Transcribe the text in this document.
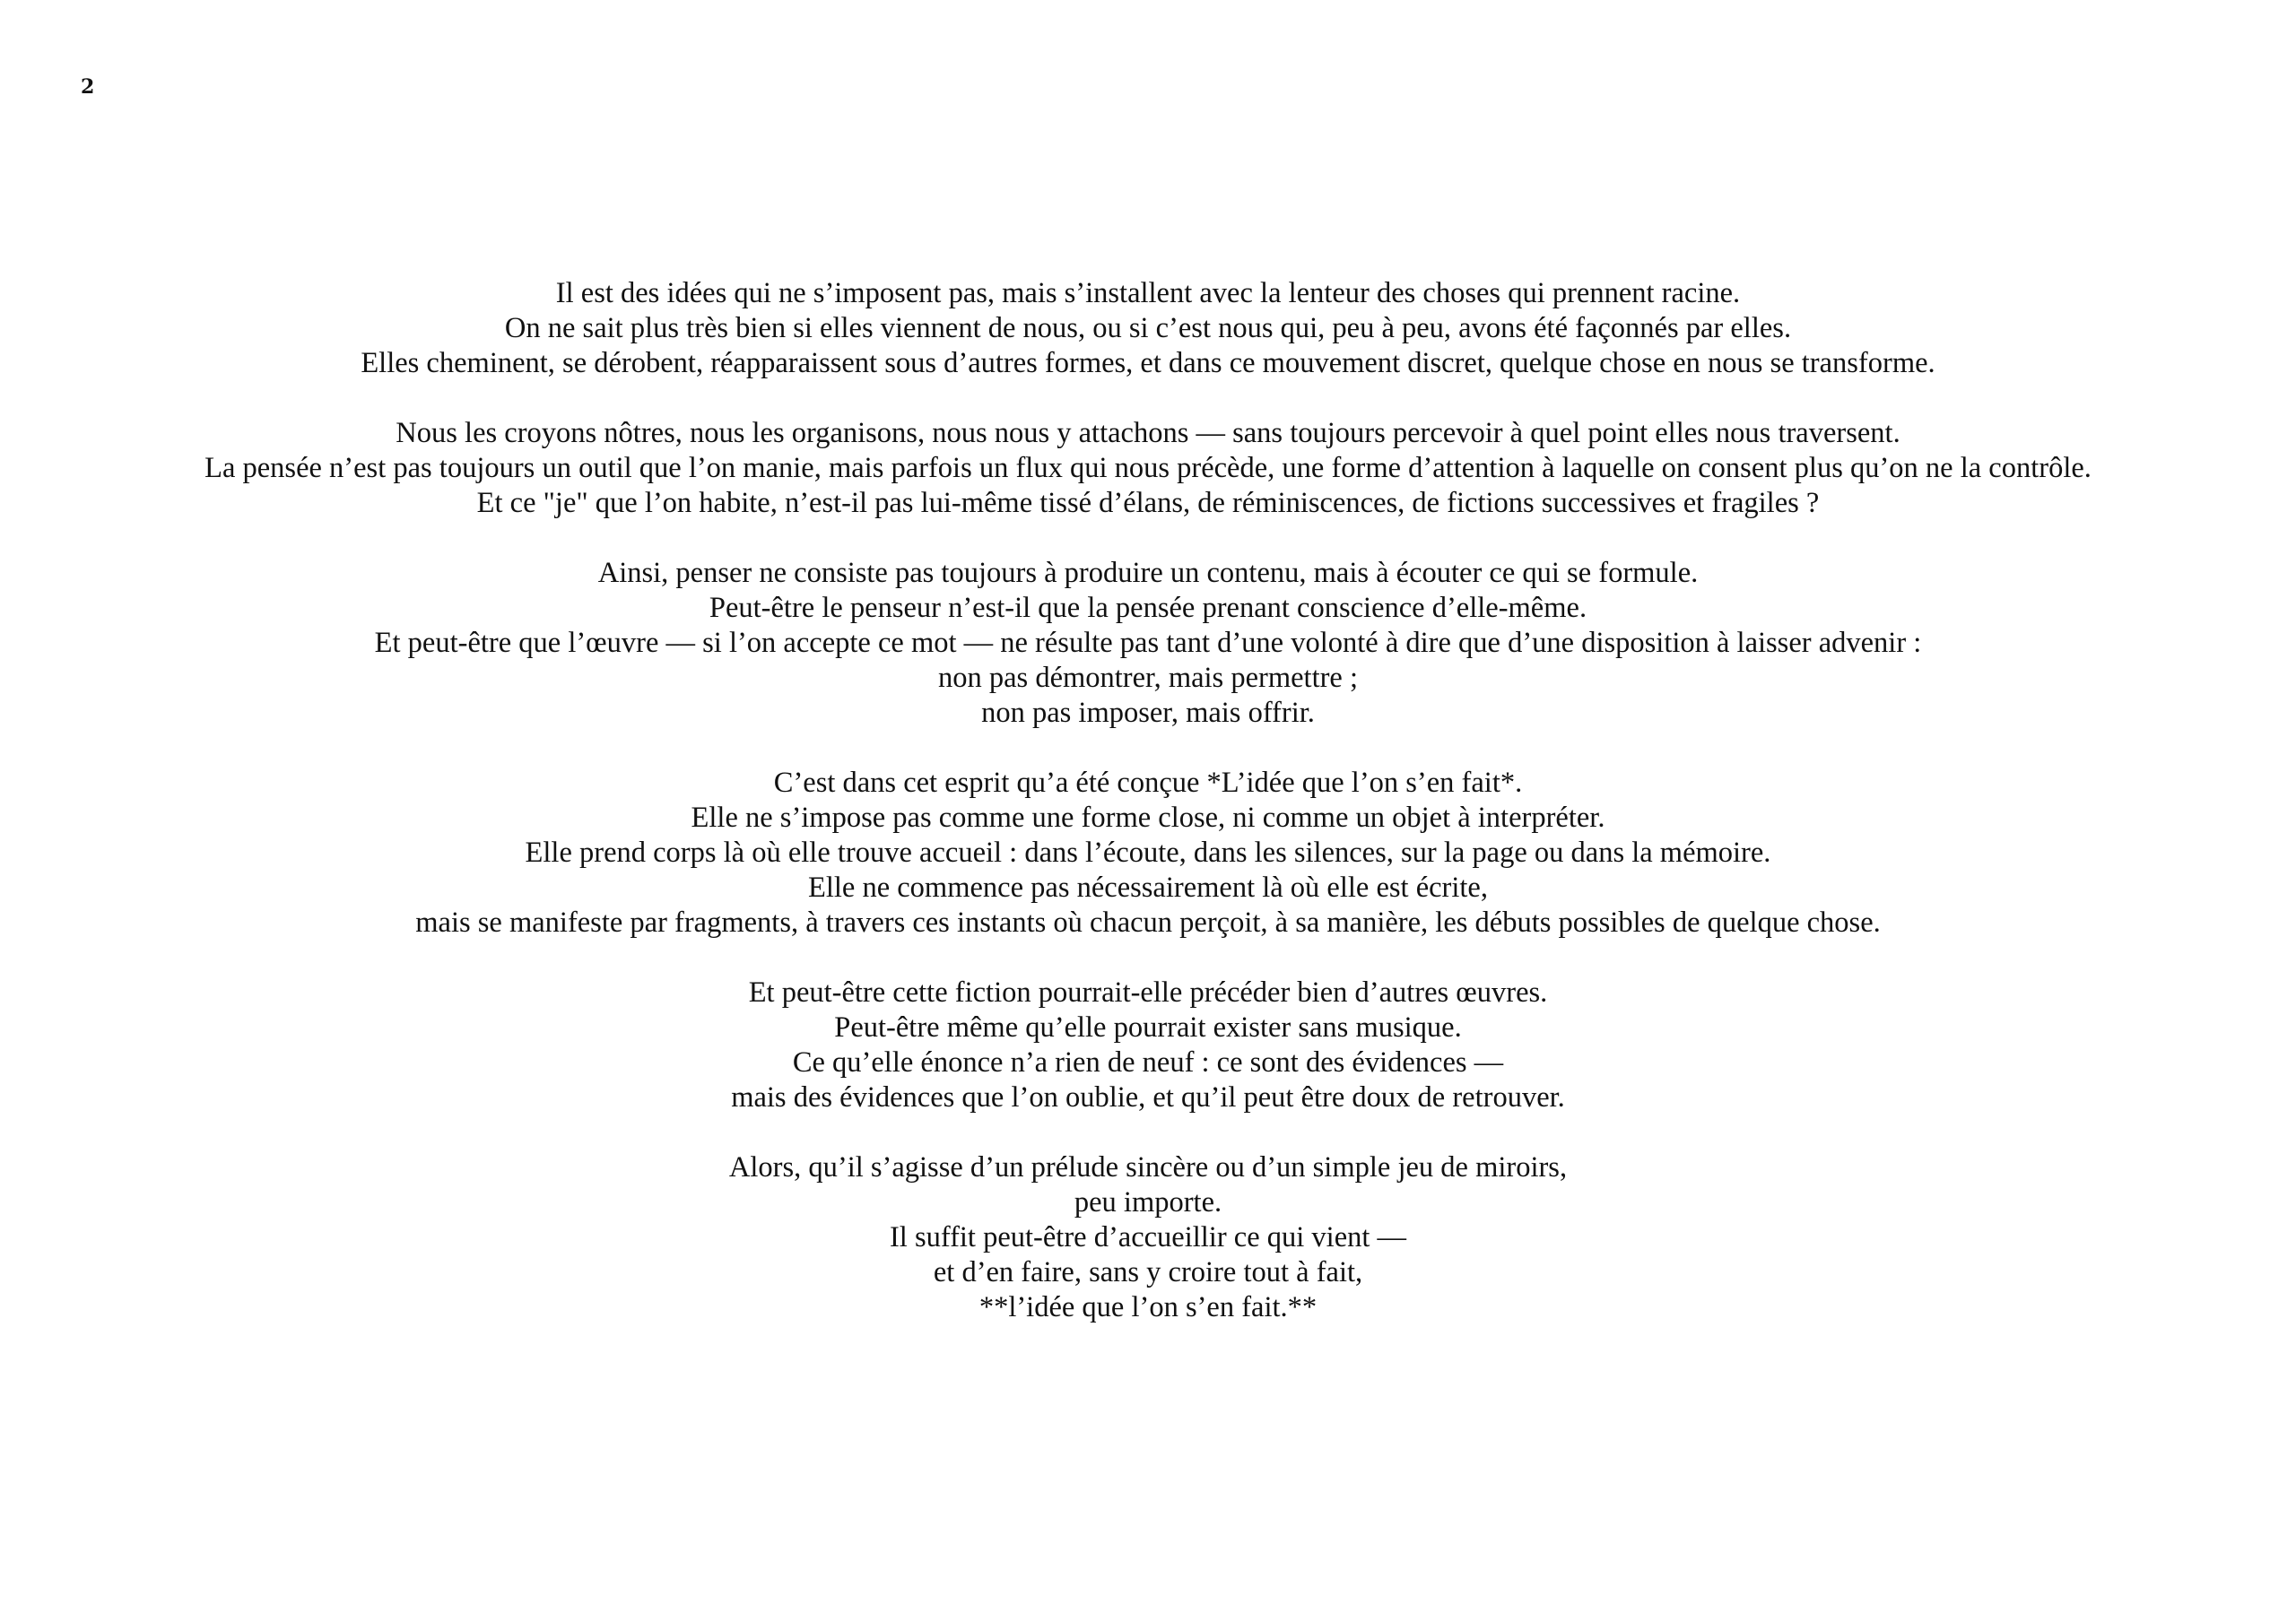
2
Il est des idées qui ne s’imposent pas, mais s’installent avec la lenteur des choses qui prennent racine.
On ne sait plus très bien si elles viennent de nous, ou si c’est nous qui, peu à peu, avons été façonnés par elles.
Elles cheminent, se dérobent, réapparaissent sous d’autres formes, et dans ce mouvement discret, quelque chose en nous se transforme.
Nous les croyons nôtres, nous les organisons, nous nous y attachons — sans toujours percevoir à quel point elles nous traversent.
La pensée n’est pas toujours un outil que l’on manie, mais parfois un flux qui nous précède, une forme d’attention à laquelle on consent plus qu’on ne la contrôle.
Et ce "je" que l’on habite, n’est-il pas lui-même tissé d’élans, de réminiscences, de fictions successives et fragiles ?
Ainsi, penser ne consiste pas toujours à produire un contenu, mais à écouter ce qui se formule.
Peut-être le penseur n’est-il que la pensée prenant conscience d’elle-même.
Et peut-être que l’œuvre — si l’on accepte ce mot — ne résulte pas tant d’une volonté à dire que d’une disposition à laisser advenir :
non pas démontrer, mais permettre ;
non pas imposer, mais offrir.
C’est dans cet esprit qu’a été conçue *L’idée que l’on s’en fait*.
Elle ne s’impose pas comme une forme close, ni comme un objet à interpréter.
Elle prend corps là où elle trouve accueil : dans l’écoute, dans les silences, sur la page ou dans la mémoire.
Elle ne commence pas nécessairement là où elle est écrite,
mais se manifeste par fragments, à travers ces instants où chacun perçoit, à sa manière, les débuts possibles de quelque chose.
Et peut-être cette fiction pourrait-elle précéder bien d’autres œuvres.
Peut-être même qu’elle pourrait exister sans musique.
Ce qu’elle énonce n’a rien de neuf : ce sont des évidences —
mais des évidences que l’on oublie, et qu’il peut être doux de retrouver.
Alors, qu’il s’agisse d’un prélude sincère ou d’un simple jeu de miroirs,
peu importe.
Il suffit peut-être d’accueillir ce qui vient —
et d’en faire, sans y croire tout à fait,
**l’idée que l’on s’en fait.**
